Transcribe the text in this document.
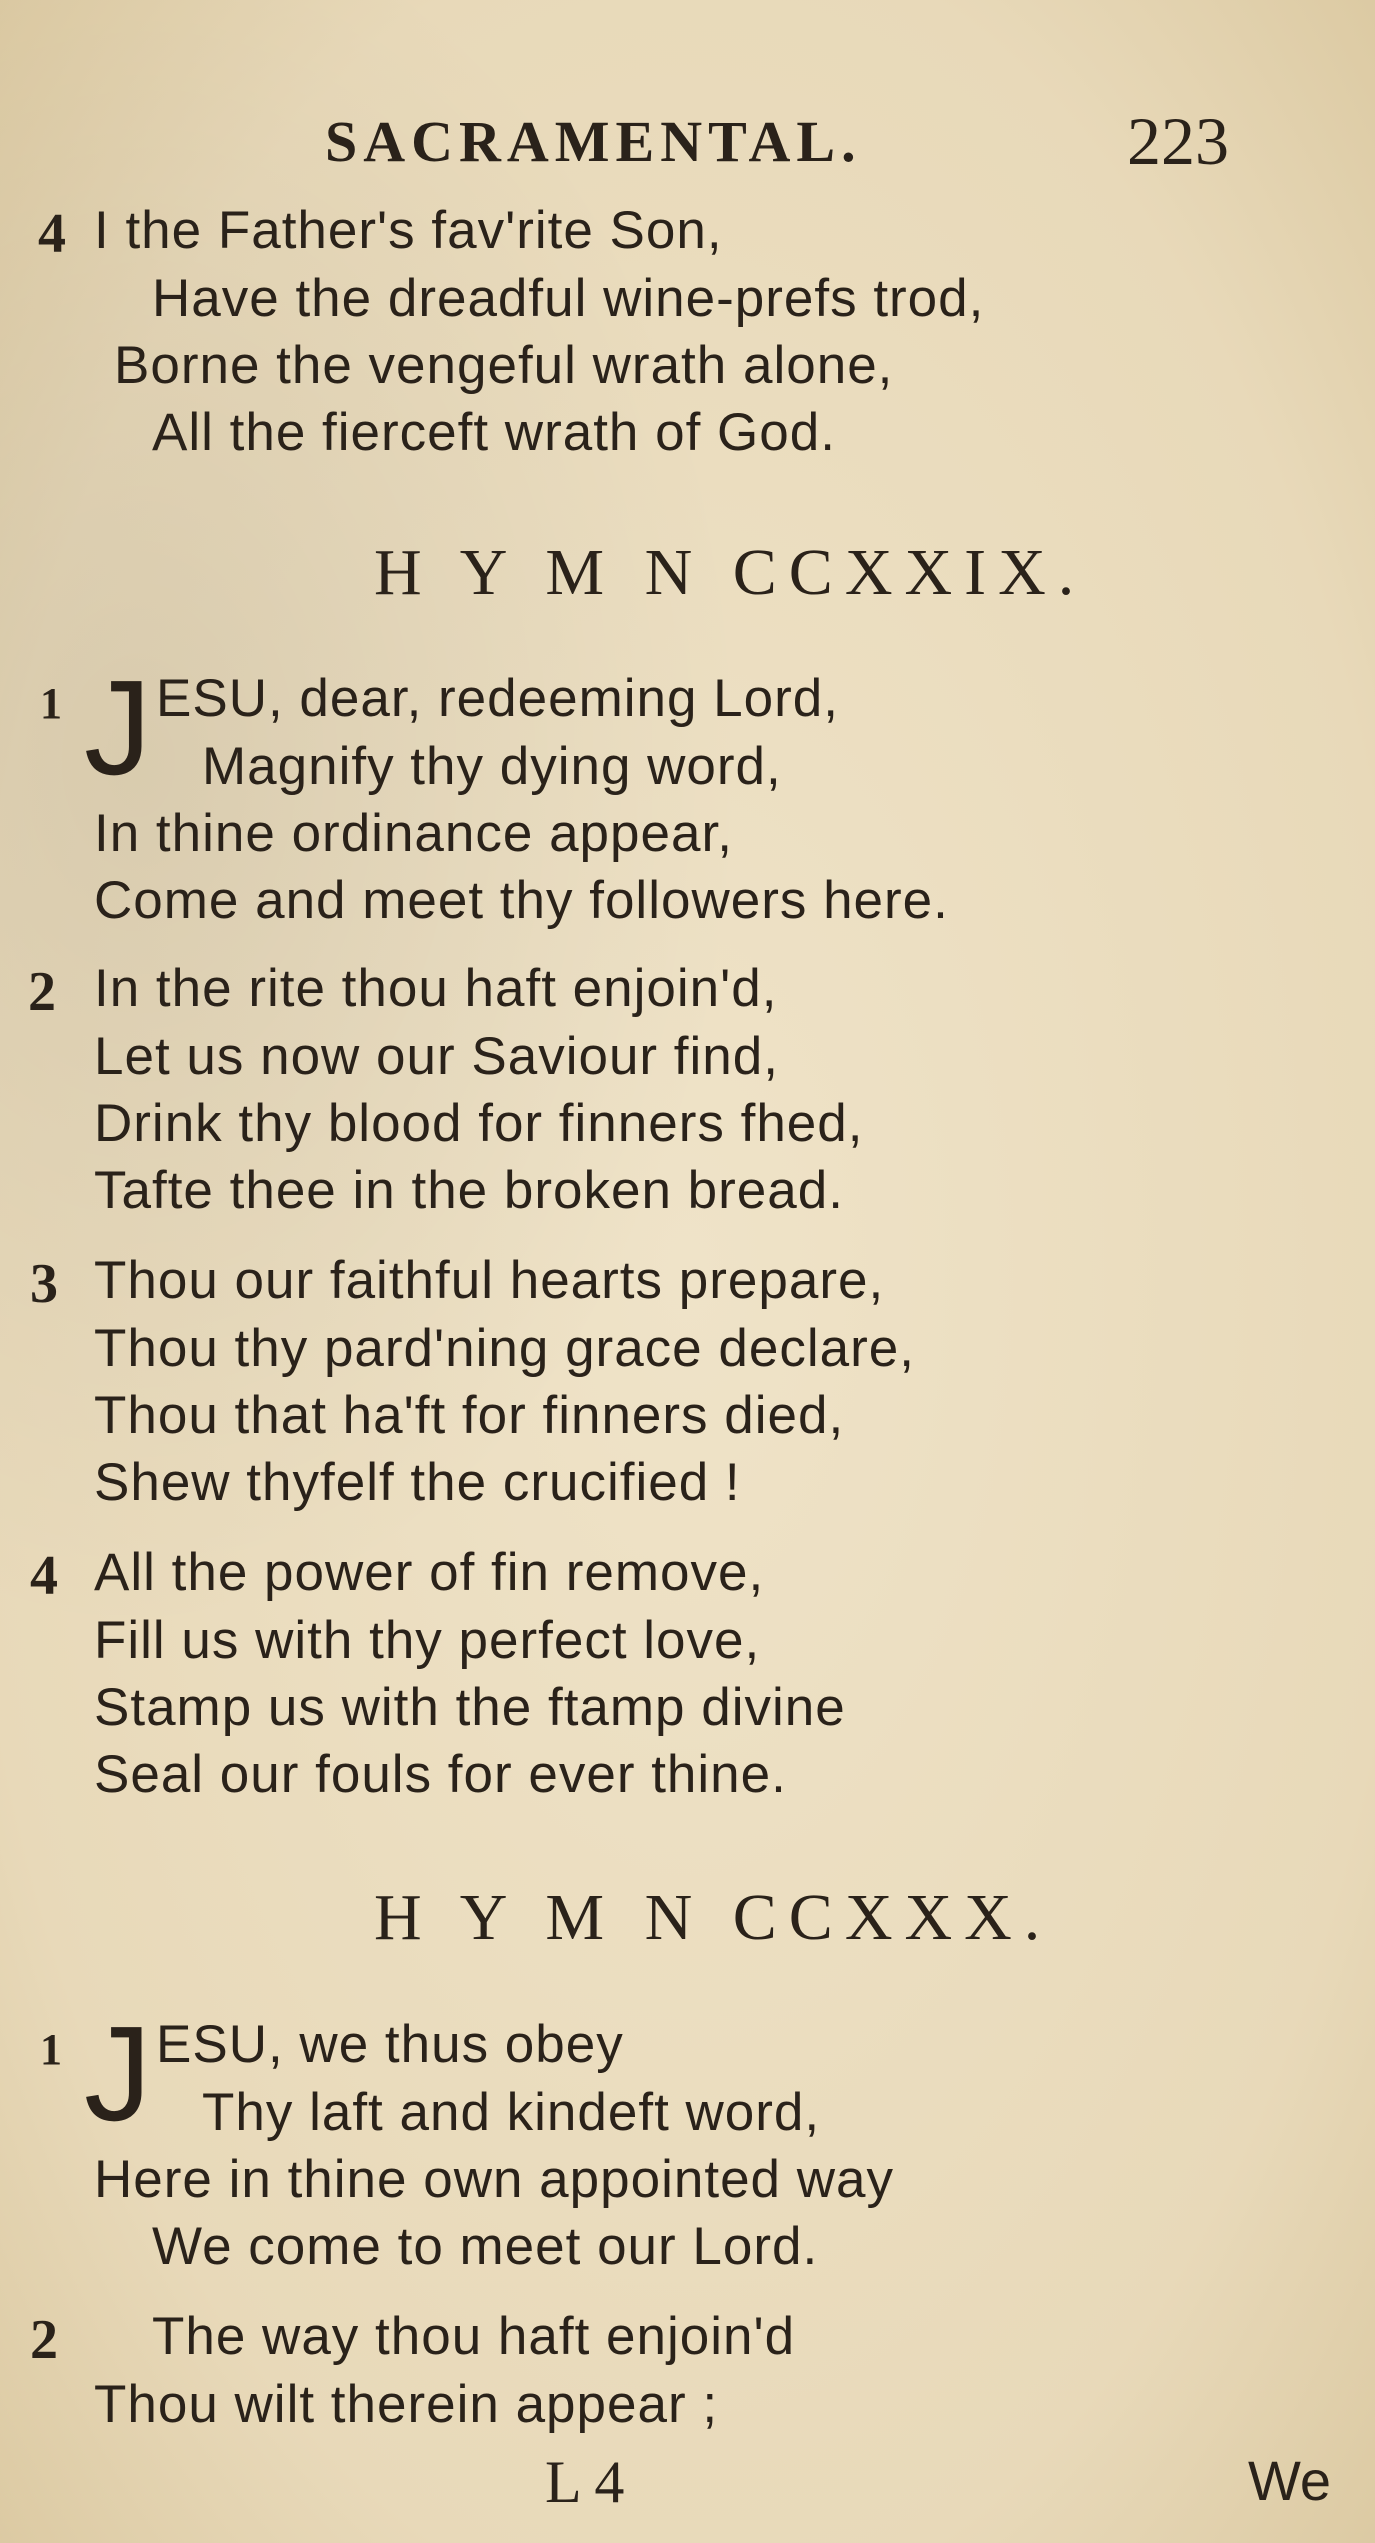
SACRAMENTAL.	223
4 I the Father's fav'rite Son,
Have the dreadful wine-prefs trod,
Borne the vengeful wrath alone,
All the fierceft wrath of God.
H Y M N CCXXIX.
1 J ESU, dear, redeeming Lord,
Magnify thy dying word,
In thine ordinance appear,
Come and meet thy followers here.
2 In the rite thou haft enjoin'd,
Let us now our Saviour find,
Drink thy blood for finners fhed,
Tafte thee in the broken bread.
3 Thou our faithful hearts prepare,
Thou thy pard'ning grace declare,
Thou that ha'ft for finners died,
Shew thyfelf the crucified !
4 All the power of fin remove,
Fill us with thy perfect love,
Stamp us with the ftamp divine
Seal our fouls for ever thine.
H Y M N CCXXX.
1 J ESU, we thus obey
Thy laft and kindeft word,
Here in thine own appointed way
We come to meet our Lord.
2 The way thou haft enjoin'd
Thou wilt therein appear ;
L 4	We
